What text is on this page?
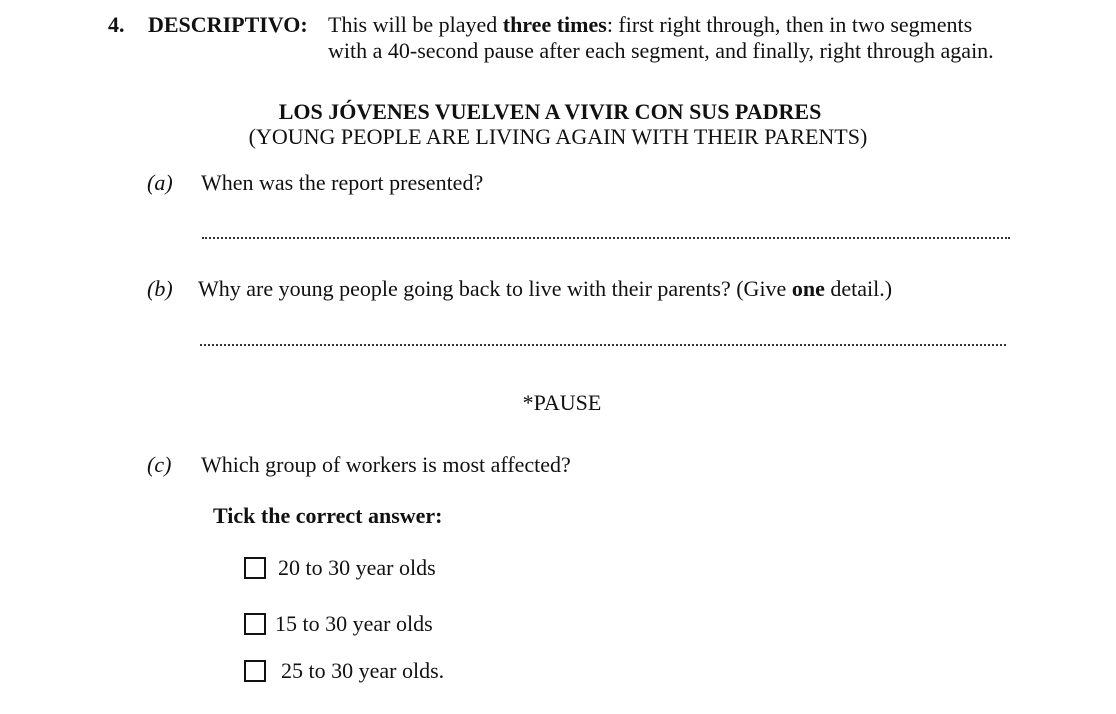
4. DESCRIPTIVO: This will be played three times: first right through, then in two segments
with a 40-second pause after each segment, and finally, right through again.
LOS JÓVENES VUELVEN A VIVIR CON SUS PADRES
(YOUNG PEOPLE ARE LIVING AGAIN WITH THEIR PARENTS)
(a) When was the report presented?
(b) Why are young people going back to live with their parents? (Give one detail.)
*PAUSE
(c) Which group of workers is most affected?
Tick the correct answer:
20 to 30 year olds
15 to 30 year olds
25 to 30 year olds.
